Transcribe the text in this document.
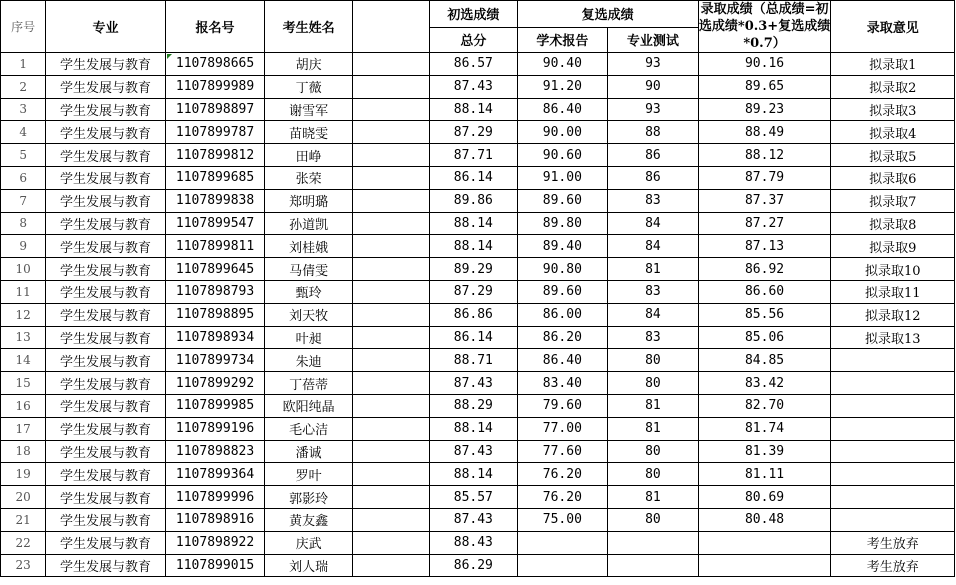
序号	专业	报名号	考生姓名		初选成绩	复选成绩		录取成绩（总成绩=初选成绩*0.3+复选成绩*0.7）	录取意见
					总分	学术报告	专业测试		
1	学生发展与教育	1107898665	胡庆		86.57	90.40	93	90.16	拟录取1
2	学生发展与教育	1107899989	丁薇		87.43	91.20	90	89.65	拟录取2
3	学生发展与教育	1107898897	谢雪军		88.14	86.40	93	89.23	拟录取3
4	学生发展与教育	1107899787	苗晓雯		87.29	90.00	88	88.49	拟录取4
5	学生发展与教育	1107899812	田峥		87.71	90.60	86	88.12	拟录取5
6	学生发展与教育	1107899685	张荣		86.14	91.00	86	87.79	拟录取6
7	学生发展与教育	1107899838	郑明璐		89.86	89.60	83	87.37	拟录取7
8	学生发展与教育	1107899547	孙道凯		88.14	89.80	84	87.27	拟录取8
9	学生发展与教育	1107899811	刘桂娥		88.14	89.40	84	87.13	拟录取9
10	学生发展与教育	1107899645	马倩雯		89.29	90.80	81	86.92	拟录取10
11	学生发展与教育	1107898793	甄玲		87.29	89.60	83	86.60	拟录取11
12	学生发展与教育	1107898895	刘天牧		86.86	86.00	84	85.56	拟录取12
13	学生发展与教育	1107898934	叶昶		86.14	86.20	83	85.06	拟录取13
14	学生发展与教育	1107899734	朱迪		88.71	86.40	80	84.85	
15	学生发展与教育	1107899292	丁蓓蒂		87.43	83.40	80	83.42	
16	学生发展与教育	1107899985	欧阳纯晶		88.29	79.60	81	82.70	
17	学生发展与教育	1107899196	毛心洁		88.14	77.00	81	81.74	
18	学生发展与教育	1107898823	潘诚		87.43	77.60	80	81.39	
19	学生发展与教育	1107899364	罗叶		88.14	76.20	80	81.11	
20	学生发展与教育	1107899996	郭影玲		85.57	76.20	81	80.69	
21	学生发展与教育	1107898916	黄友鑫		87.43	75.00	80	80.48	
22	学生发展与教育	1107898922	庆武		88.43				考生放弃
23	学生发展与教育	1107899015	刘人瑞		86.29				考生放弃
